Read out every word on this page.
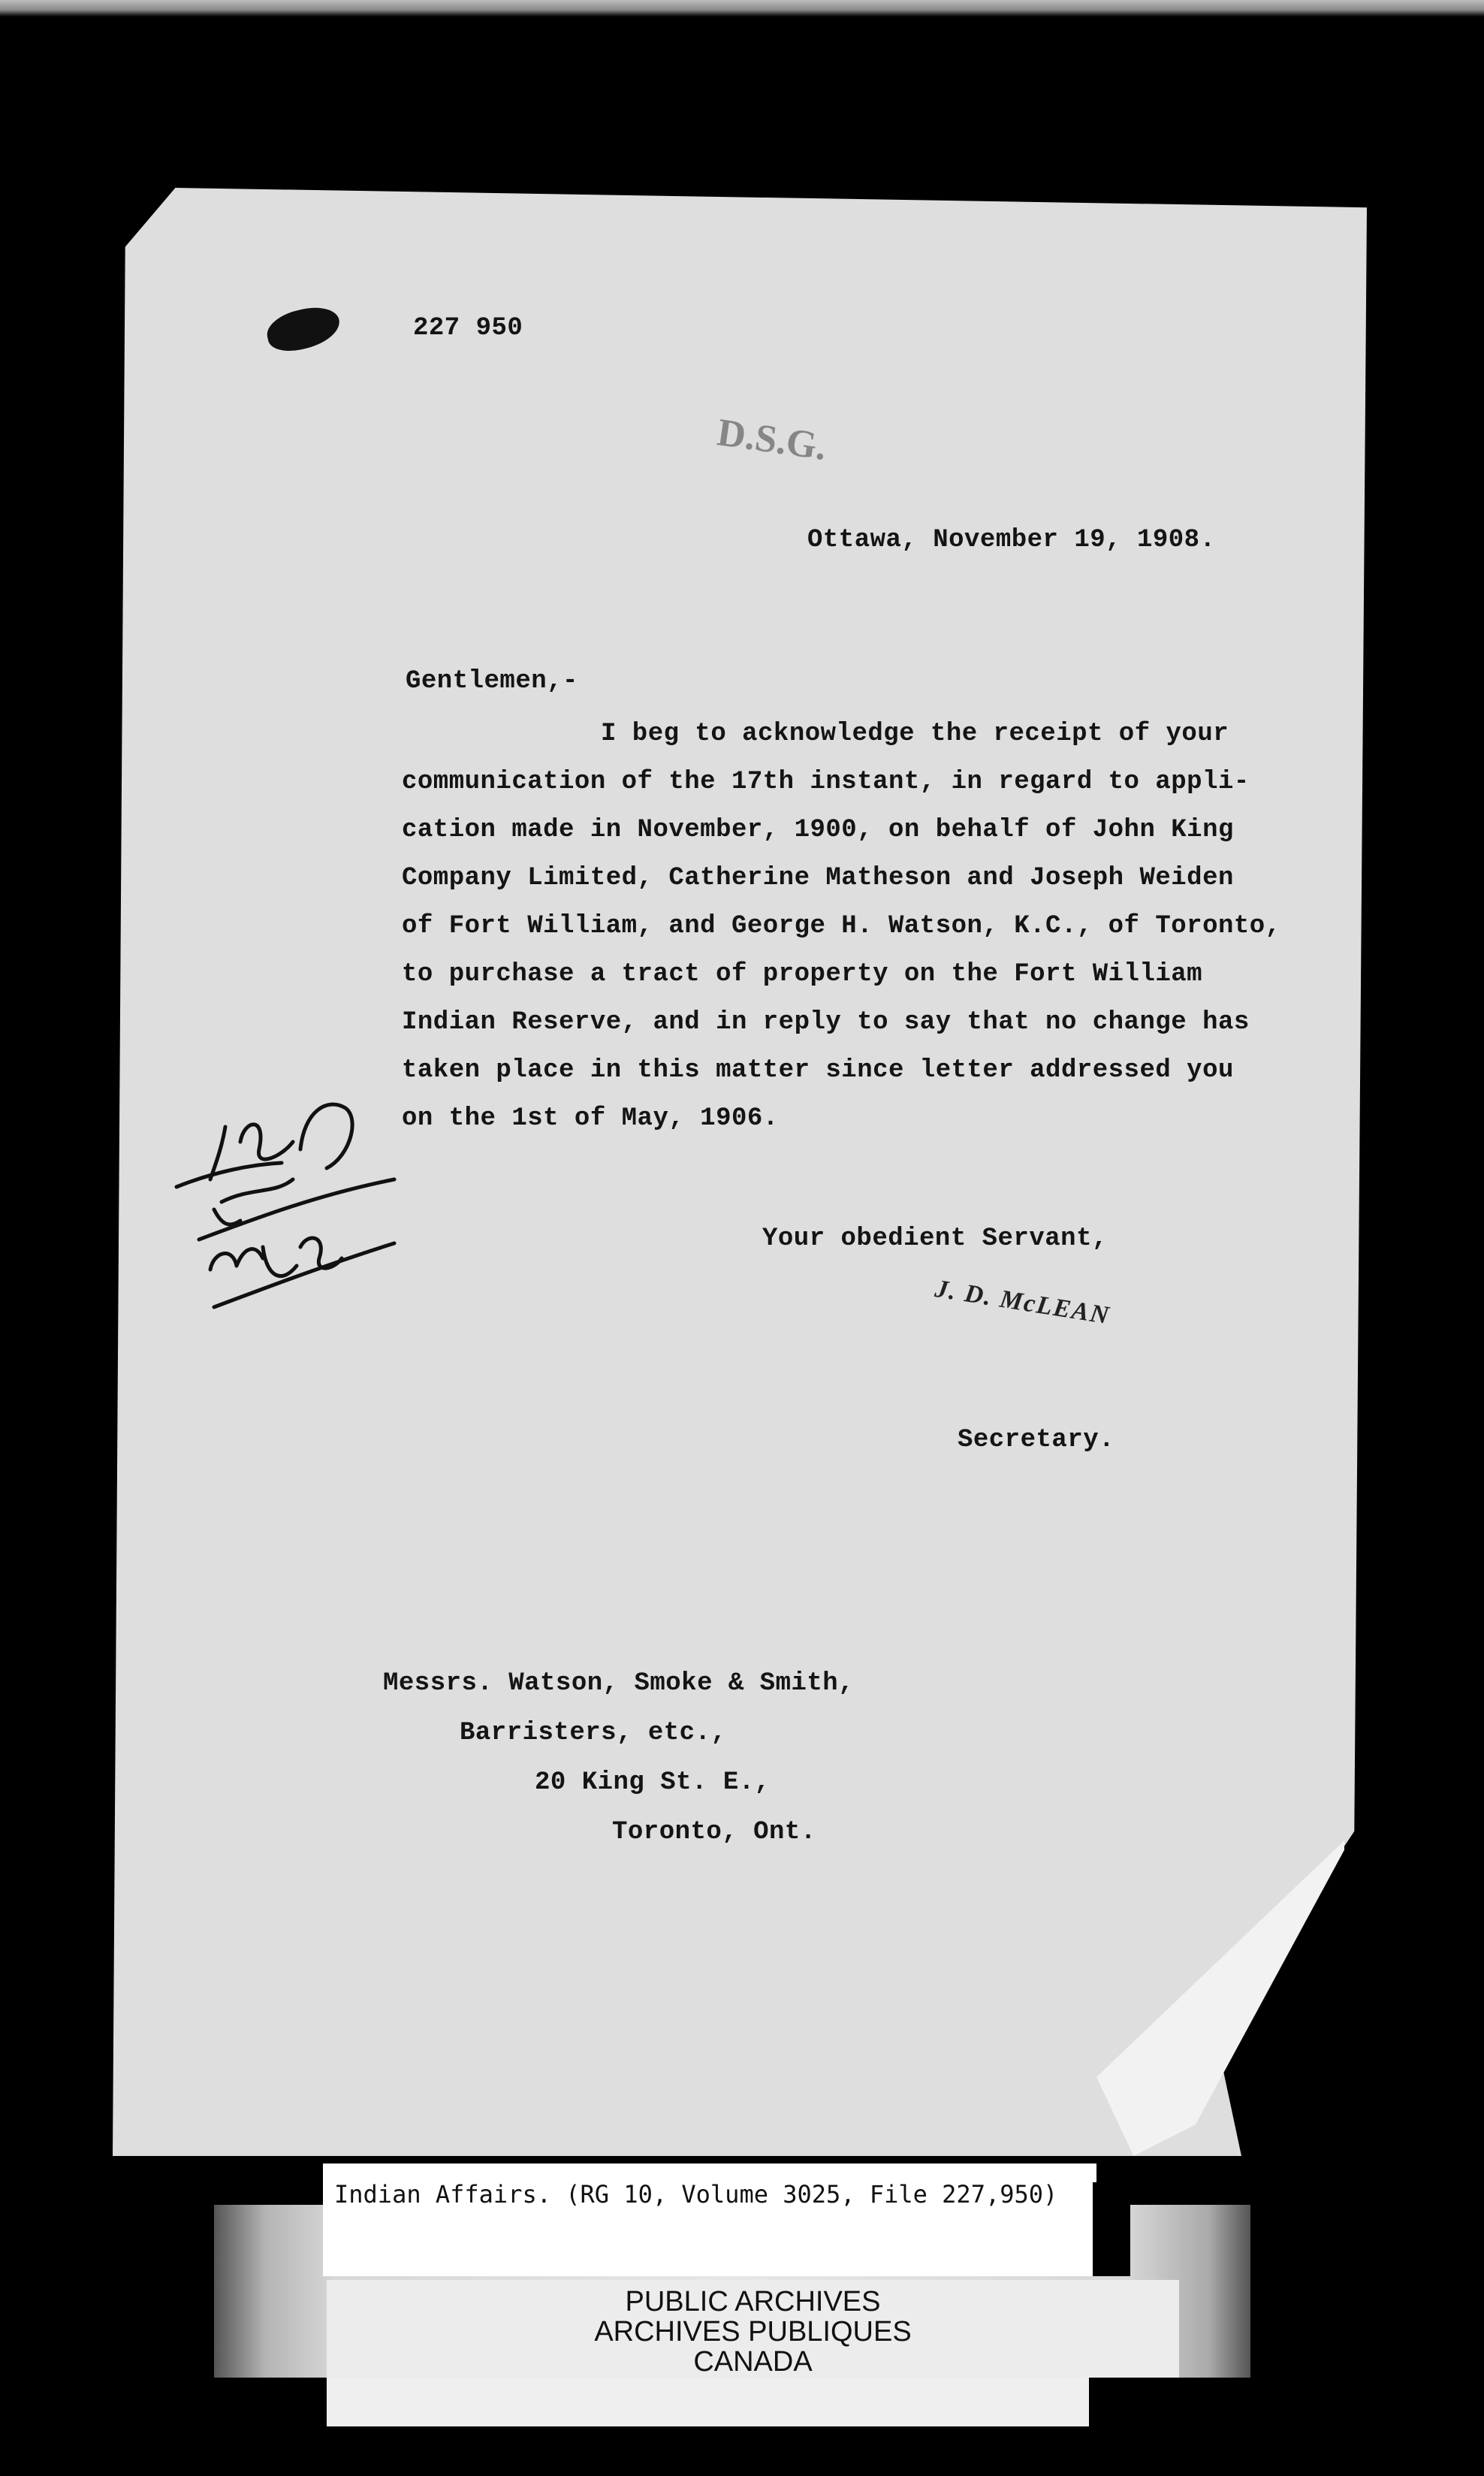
227 950
D.S.G.
Ottawa, November 19, 1908.
Gentlemen,-
I beg to acknowledge the receipt of your
communication of the 17th instant, in regard to appli-
cation made in November, 1900, on behalf of John King
Company Limited, Catherine Matheson and Joseph Weiden
of Fort William, and George H. Watson, K.C., of Toronto,
to purchase a tract of property on the Fort William
Indian Reserve, and in reply to say that no change has
taken place in this matter since letter addressed you
on the 1st of May, 1906.
Your obedient Servant,
J. D. McLEAN
Secretary.
Messrs. Watson, Smoke & Smith,
Barristers, etc.,
20 King St. E.,
Toronto, Ont.
Indian Affairs. (RG 10, Volume 3025, File 227,950)
PUBLIC ARCHIVES
ARCHIVES PUBLIQUES
CANADA
